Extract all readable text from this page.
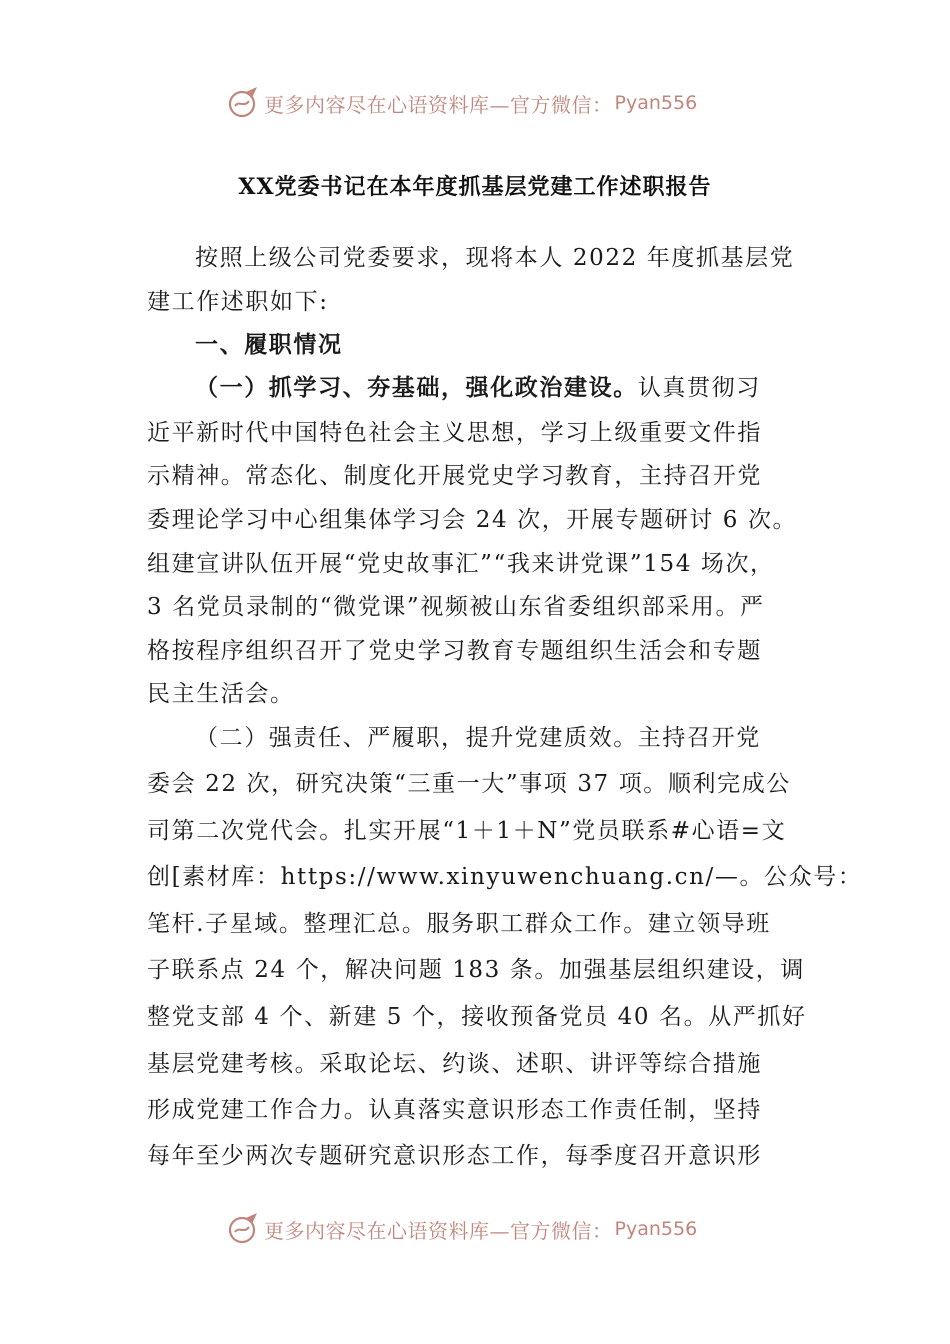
更多内容尽在心语资料库—官方微信： Pyan556
XX党委书记在本年度抓基层党建工作述职报告
按照上级公司党委要求，现将本人 2022 年度抓基层党
建工作述职如下:
一、履职情况
（一）抓学习、夯基础，强化政治建设。认真贯彻习
近平新时代中国特色社会主义思想，学习上级重要文件指
示精神。常态化、制度化开展党史学习教育，主持召开党
委理论学习中心组集体学习会 24 次，开展专题研讨 6 次。
组建宣讲队伍开展“党史故事汇”“我来讲党课”154 场次，
3 名党员录制的“微党课”视频被山东省委组织部采用。严
格按程序组织召开了党史学习教育专题组织生活会和专题
民主生活会。
（二）强责任、严履职，提升党建质效。主持召开党
委会 22 次，研究决策“三重一大”事项 37 项。顺利完成公
司第二次党代会。扎实开展“1＋1＋N”党员联系#心语=文
创[素材库：https://www.xinyuwenchuang.cn/—。公众号：
笔杆.子星域。整理汇总。服务职工群众工作。建立领导班
子联系点 24 个，解决问题 183 条。加强基层组织建设，调
整党支部 4 个、新建 5 个，接收预备党员 40 名。从严抓好
基层党建考核。采取论坛、约谈、述职、讲评等综合措施
形成党建工作合力。认真落实意识形态工作责任制，坚持
每年至少两次专题研究意识形态工作，每季度召开意识形
更多内容尽在心语资料库—官方微信： Pyan556
